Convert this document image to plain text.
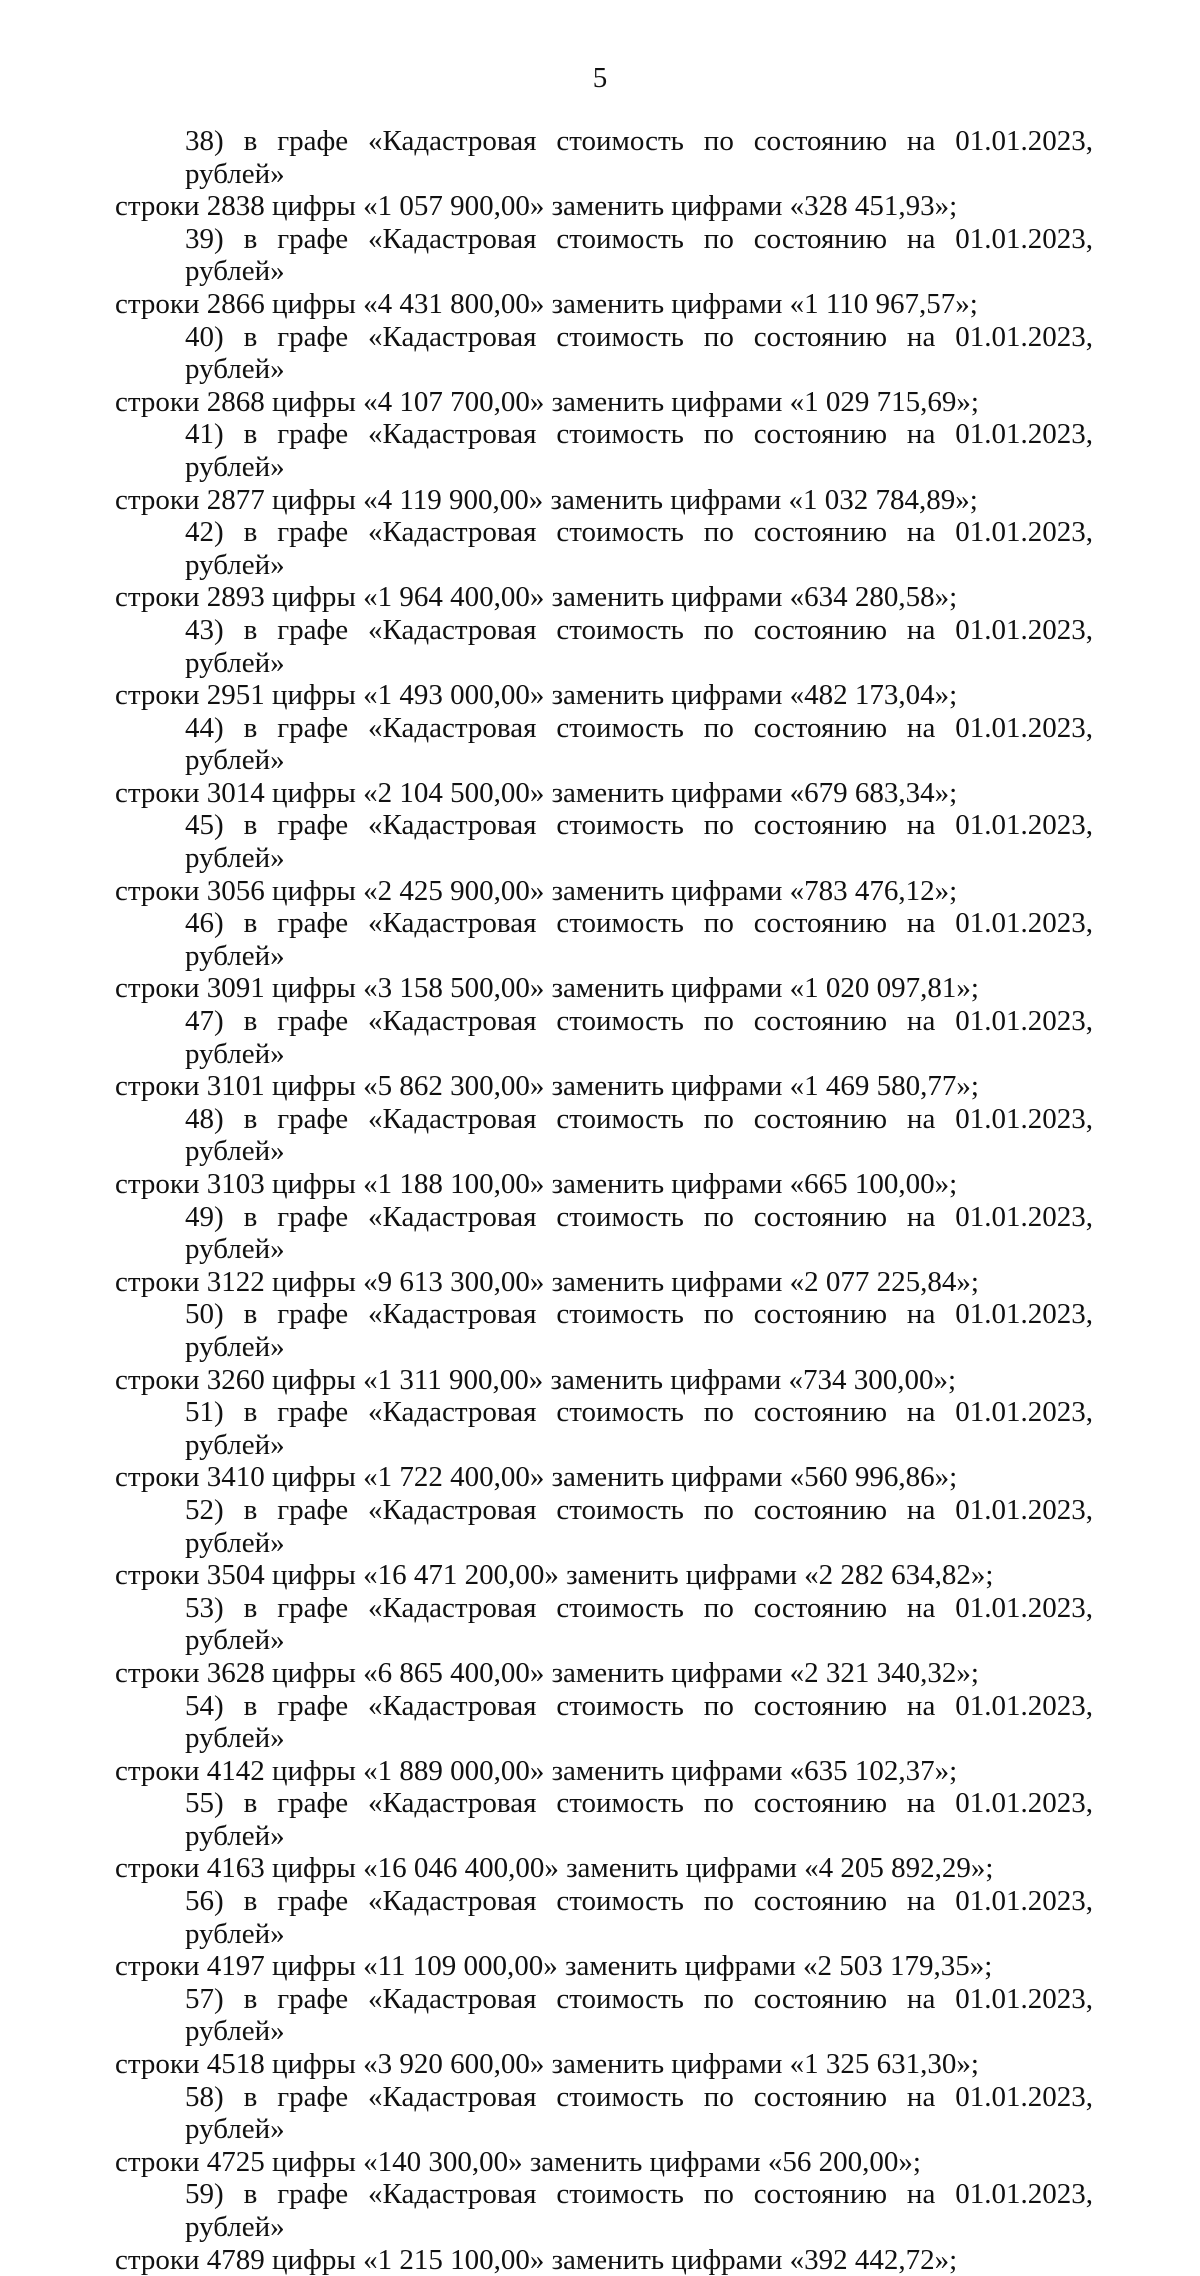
5
38) в графе «Кадастровая стоимость по состоянию на 01.01.2023, рублей»
строки 2838 цифры «1 057 900,00» заменить цифрами «328 451,93»;
39) в графе «Кадастровая стоимость по состоянию на 01.01.2023, рублей»
строки 2866 цифры «4 431 800,00» заменить цифрами «1 110 967,57»;
40) в графе «Кадастровая стоимость по состоянию на 01.01.2023, рублей»
строки 2868 цифры «4 107 700,00» заменить цифрами «1 029 715,69»;
41) в графе «Кадастровая стоимость по состоянию на 01.01.2023, рублей»
строки 2877 цифры «4 119 900,00» заменить цифрами «1 032 784,89»;
42) в графе «Кадастровая стоимость по состоянию на 01.01.2023, рублей»
строки 2893 цифры «1 964 400,00» заменить цифрами «634 280,58»;
43) в графе «Кадастровая стоимость по состоянию на 01.01.2023, рублей»
строки 2951 цифры «1 493 000,00» заменить цифрами «482 173,04»;
44) в графе «Кадастровая стоимость по состоянию на 01.01.2023, рублей»
строки 3014 цифры «2 104 500,00» заменить цифрами «679 683,34»;
45) в графе «Кадастровая стоимость по состоянию на 01.01.2023, рублей»
строки 3056 цифры «2 425 900,00» заменить цифрами «783 476,12»;
46) в графе «Кадастровая стоимость по состоянию на 01.01.2023, рублей»
строки 3091 цифры «3 158 500,00» заменить цифрами «1 020 097,81»;
47) в графе «Кадастровая стоимость по состоянию на 01.01.2023, рублей»
строки 3101 цифры «5 862 300,00» заменить цифрами «1 469 580,77»;
48) в графе «Кадастровая стоимость по состоянию на 01.01.2023, рублей»
строки 3103 цифры «1 188 100,00» заменить цифрами «665 100,00»;
49) в графе «Кадастровая стоимость по состоянию на 01.01.2023, рублей»
строки 3122 цифры «9 613 300,00» заменить цифрами «2 077 225,84»;
50) в графе «Кадастровая стоимость по состоянию на 01.01.2023, рублей»
строки 3260 цифры «1 311 900,00» заменить цифрами «734 300,00»;
51) в графе «Кадастровая стоимость по состоянию на 01.01.2023, рублей»
строки 3410 цифры «1 722 400,00» заменить цифрами «560 996,86»;
52) в графе «Кадастровая стоимость по состоянию на 01.01.2023, рублей»
строки 3504 цифры «16 471 200,00» заменить цифрами «2 282 634,82»;
53) в графе «Кадастровая стоимость по состоянию на 01.01.2023, рублей»
строки 3628 цифры «6 865 400,00» заменить цифрами «2 321 340,32»;
54) в графе «Кадастровая стоимость по состоянию на 01.01.2023, рублей»
строки 4142 цифры «1 889 000,00» заменить цифрами «635 102,37»;
55) в графе «Кадастровая стоимость по состоянию на 01.01.2023, рублей»
строки 4163 цифры «16 046 400,00» заменить цифрами «4 205 892,29»;
56) в графе «Кадастровая стоимость по состоянию на 01.01.2023, рублей»
строки 4197 цифры «11 109 000,00» заменить цифрами «2 503 179,35»;
57) в графе «Кадастровая стоимость по состоянию на 01.01.2023, рублей»
строки 4518 цифры «3 920 600,00» заменить цифрами «1 325 631,30»;
58) в графе «Кадастровая стоимость по состоянию на 01.01.2023, рублей»
строки 4725 цифры «140 300,00» заменить цифрами «56 200,00»;
59) в графе «Кадастровая стоимость по состоянию на 01.01.2023, рублей»
строки 4789 цифры «1 215 100,00» заменить цифрами «392 442,72»;
